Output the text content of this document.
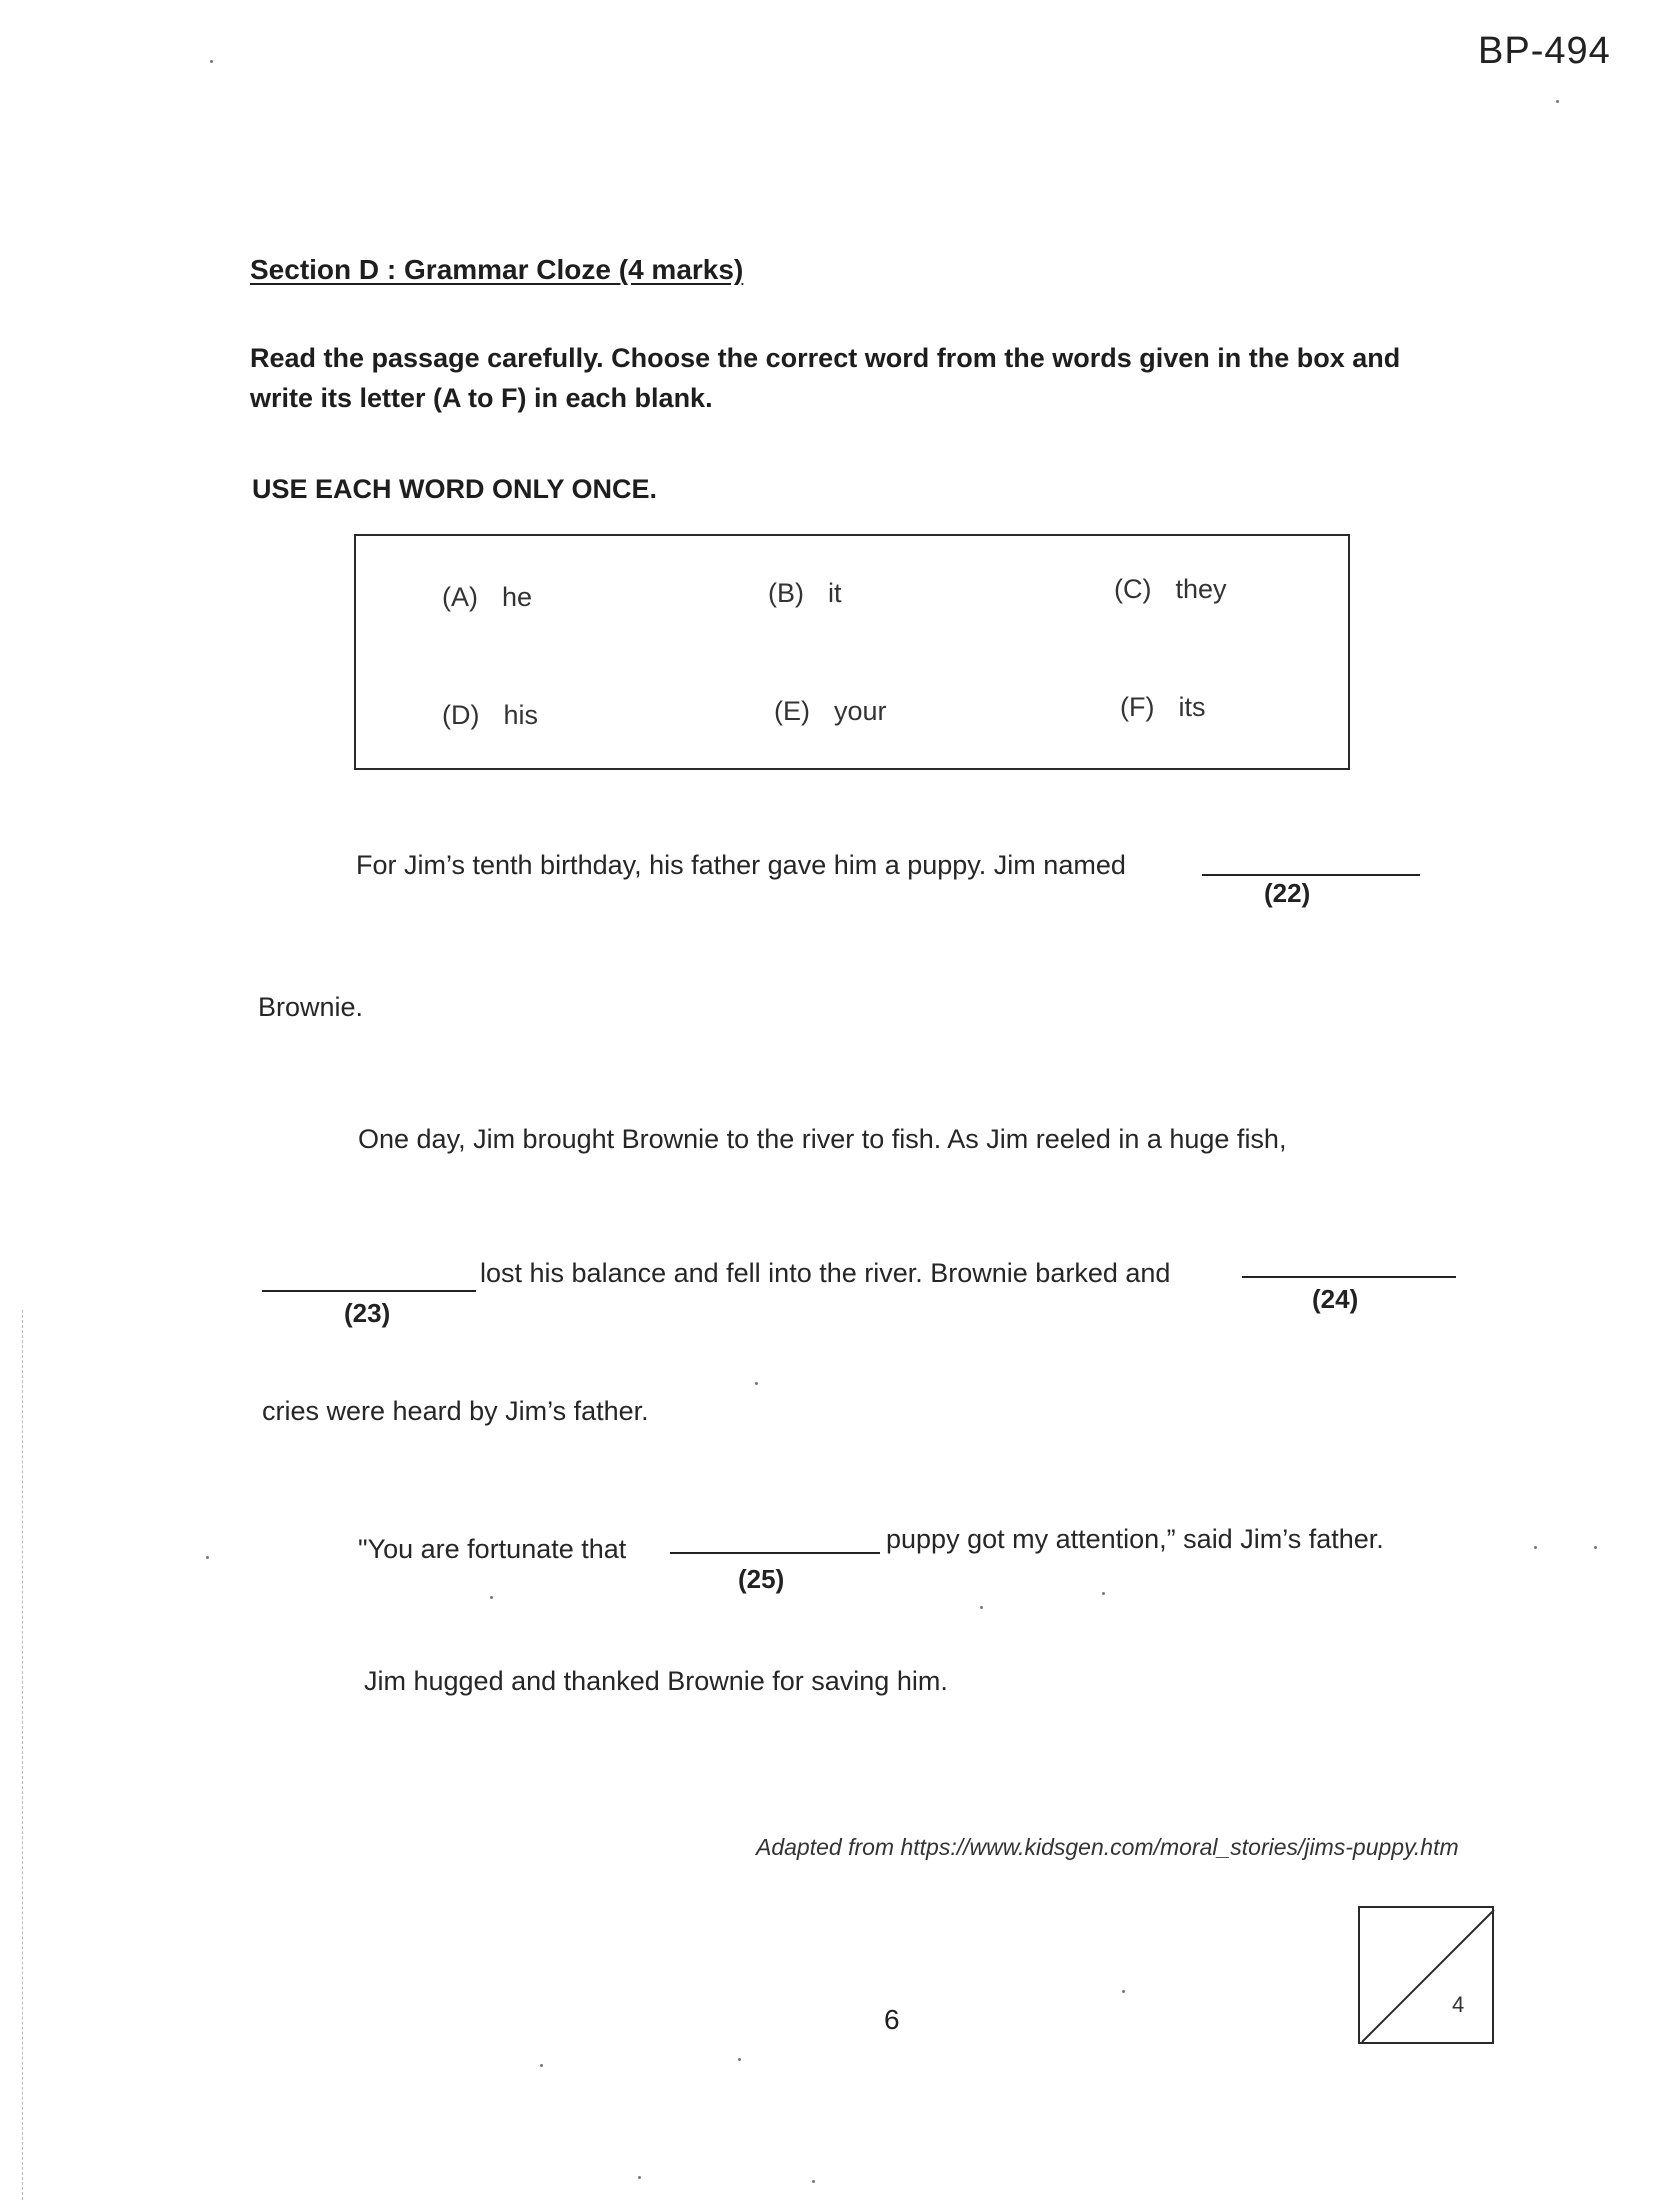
BP-494
Section D : Grammar Cloze (4 marks)
Read the passage carefully. Choose the correct word from the words given in the box and
write its letter (A to F) in each blank.
USE EACH WORD ONLY ONCE.
(A) he	(B) it	(C) they
(D) his	(E) your	(F) its
For Jim’s tenth birthday, his father gave him a puppy. Jim named
(22)
Brownie.
One day, Jim brought Brownie to the river to fish. As Jim reeled in a huge fish,
(23)
lost his balance and fell into the river. Brownie barked and
(24)
cries were heard by Jim’s father.
"You are fortunate that
(25)
puppy got my attention,” said Jim’s father.
Jim hugged and thanked Brownie for saving him.
Adapted from https://www.kidsgen.com/moral_stories/jims-puppy.htm
6	4
